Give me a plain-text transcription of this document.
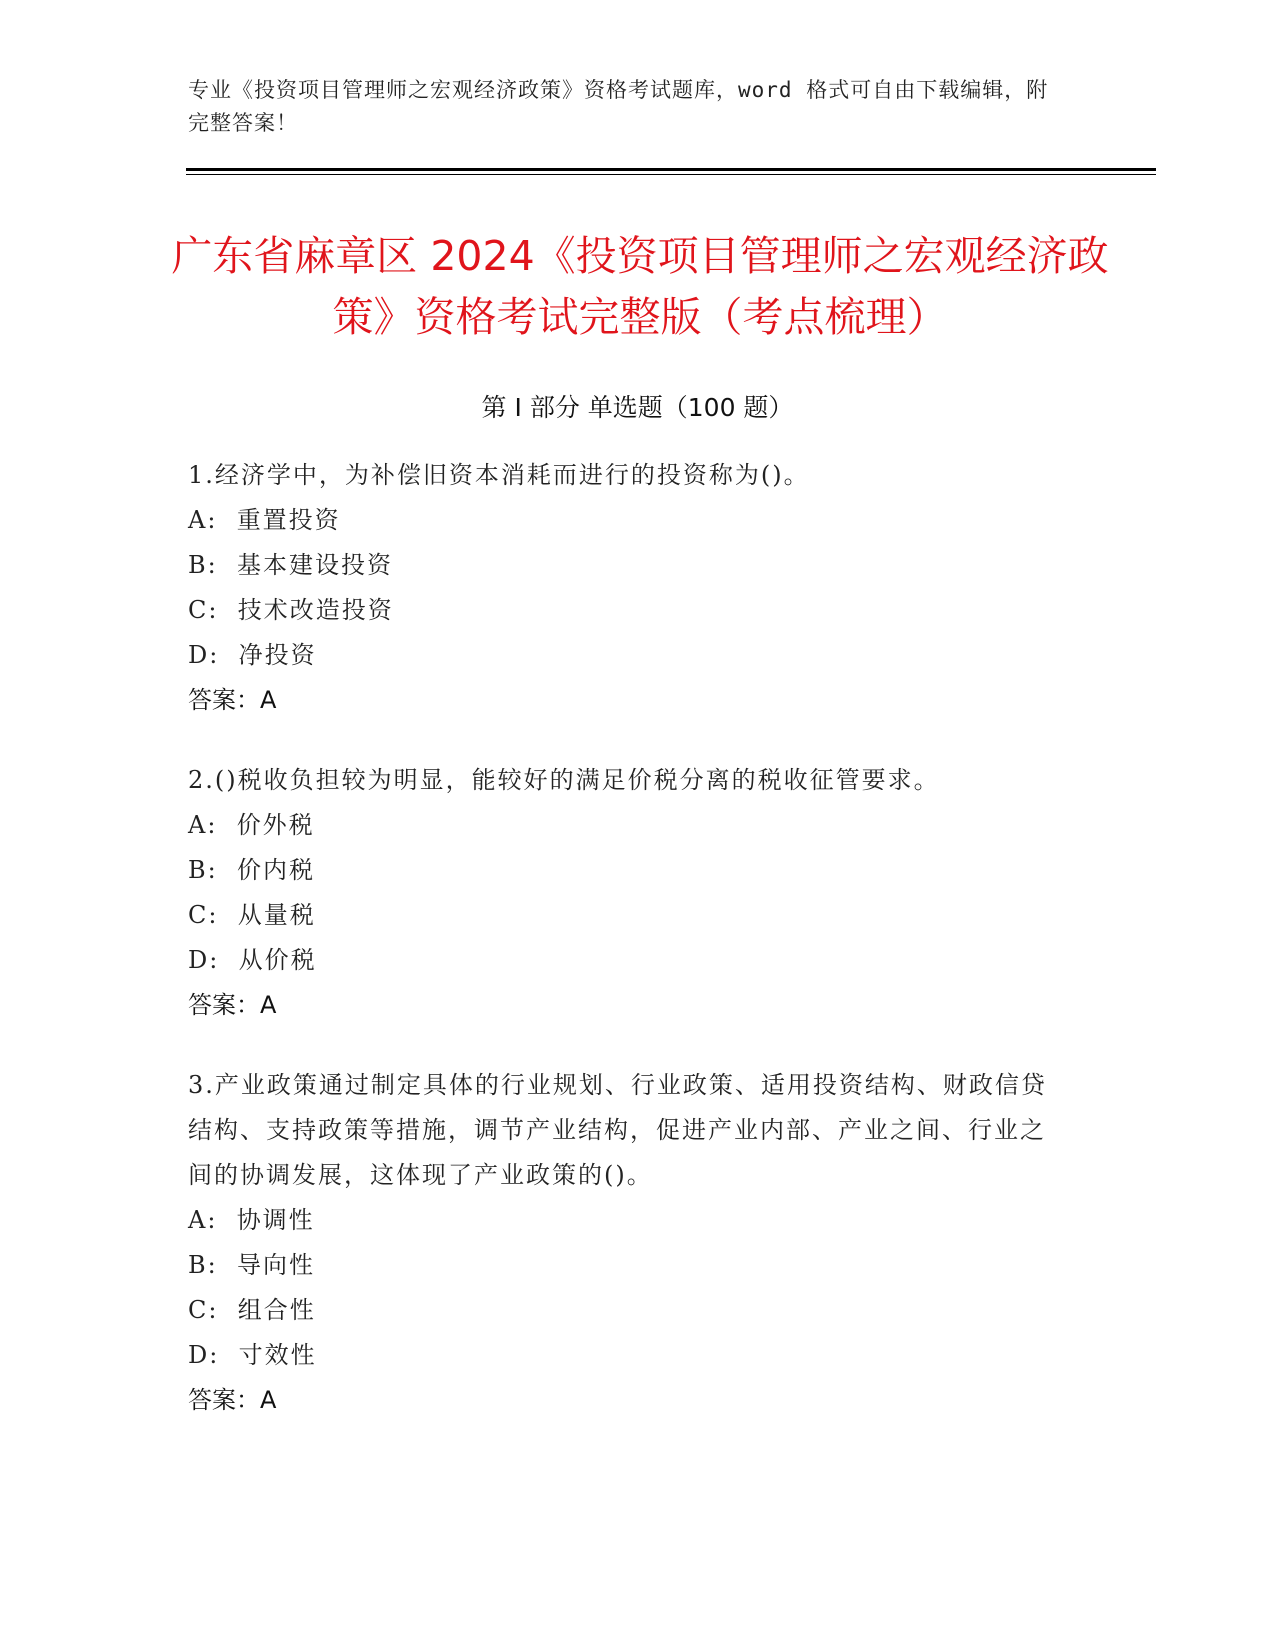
专业《投资项目管理师之宏观经济政策》资格考试题库，word 格式可自由下载编辑，附完整答案！
广东省麻章区 2024《投资项目管理师之宏观经济政策》资格考试完整版（考点梳理）
第 I 部分 单选题（100 题）

1.经济学中，为补偿旧资本消耗而进行的投资称为()。

A: 重置投资
B: 基本建设投资
C: 技术改造投资
D: 净投资
答案：A

2.()税收负担较为明显，能较好的满足价税分离的税收征管要求。

A: 价外税
B: 价内税
C: 从量税
D: 从价税
答案：A

3.产业政策通过制定具体的行业规划、行业政策、适用投资结构、财政信贷结构、支持政策等措施，调节产业结构，促进产业内部、产业之间、行业之间的协调发展，这体现了产业政策的()。

A: 协调性
B: 导向性
C: 组合性
D: 寸效性
答案：A
